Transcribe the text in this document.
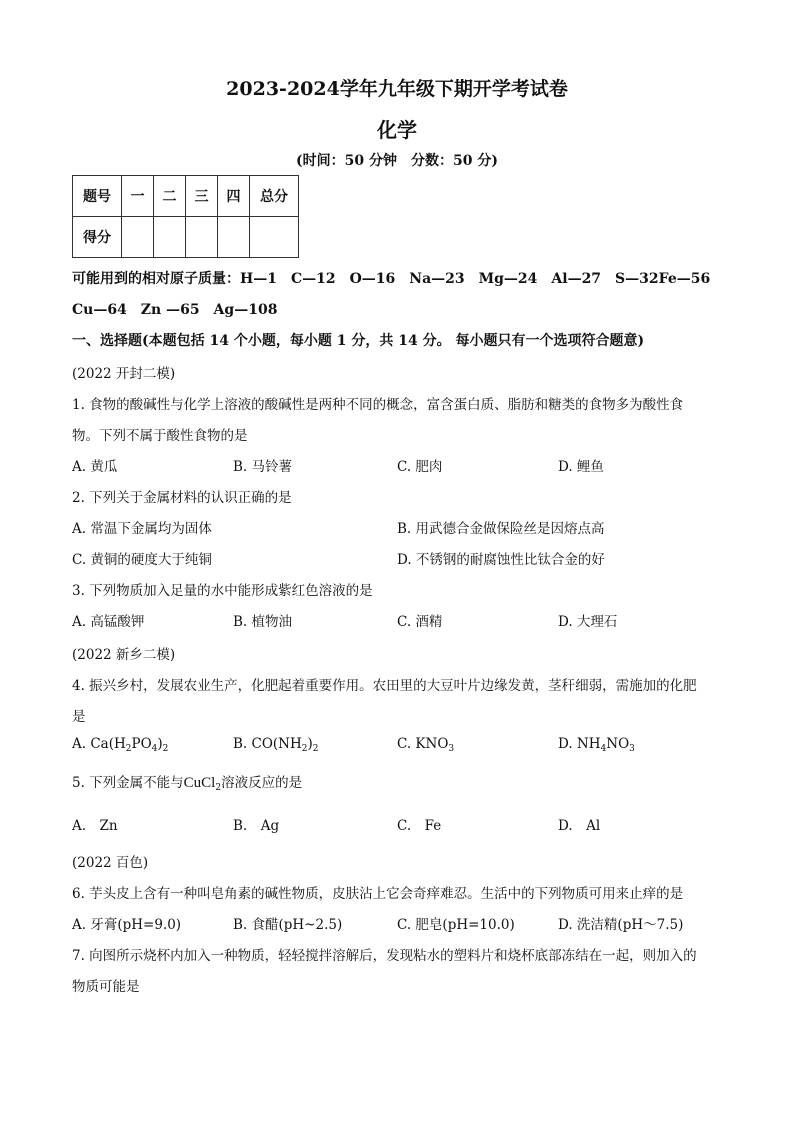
2023-2024学年九年级下期开学考试卷
化学
(时间：50 分钟　分数：50 分)
题号	一	二	三	四	总分
得分					
可能用到的相对原子质量：H—1　C—12　O—16　Na—23　Mg—24　Al—27　S—32Fe—56
Cu—64　Zn —65　Ag—108
一、选择题(本题包括 14 个小题，每小题 1 分，共 14 分。 每小题只有一个选项符合题意)
(2022 开封二模)
1. 食物的酸碱性与化学上溶液的酸碱性是两种不同的概念，富含蛋白质、脂肪和糖类的食物多为酸性食
物。下列不属于酸性食物的是
A. 黄瓜	B. 马铃薯	C. 肥肉	D. 鲤鱼
2. 下列关于金属材料的认识正确的是
A. 常温下金属均为固体	B. 用武德合金做保险丝是因熔点高
C. 黄铜的硬度大于纯铜	D. 不锈钢的耐腐蚀性比钛合金的好
3. 下列物质加入足量的水中能形成紫红色溶液的是
A. 高锰酸钾	B. 植物油	C. 酒精	D. 大理石
(2022 新乡二模)
4. 振兴乡村，发展农业生产，化肥起着重要作用。农田里的大豆叶片边缘发黄，茎秆细弱，需施加的化肥
是
A. $Ca(H_2PO_4)_2$	B. $CO(NH_2)_2$	C. $KNO_3$	D. $NH_4NO_3$
5. 下列金属不能与CuCl$_2$溶液反应的是
A.　Zn	B.　Ag	C.　Fe	D.　Al
(2022 百色)
6. 芋头皮上含有一种叫皂角素的碱性物质，皮肤沾上它会奇痒难忍。生活中的下列物质可用来止痒的是
A. 牙膏(pH=9.0)	B. 食醋(pH~2.5)	C. 肥皂(pH=10.0)	D. 洗洁精(pH～7.5)
7. 向图所示烧杯内加入一种物质，轻轻搅拌溶解后，发现粘水的塑料片和烧杯底部冻结在一起，则加入的
物质可能是
